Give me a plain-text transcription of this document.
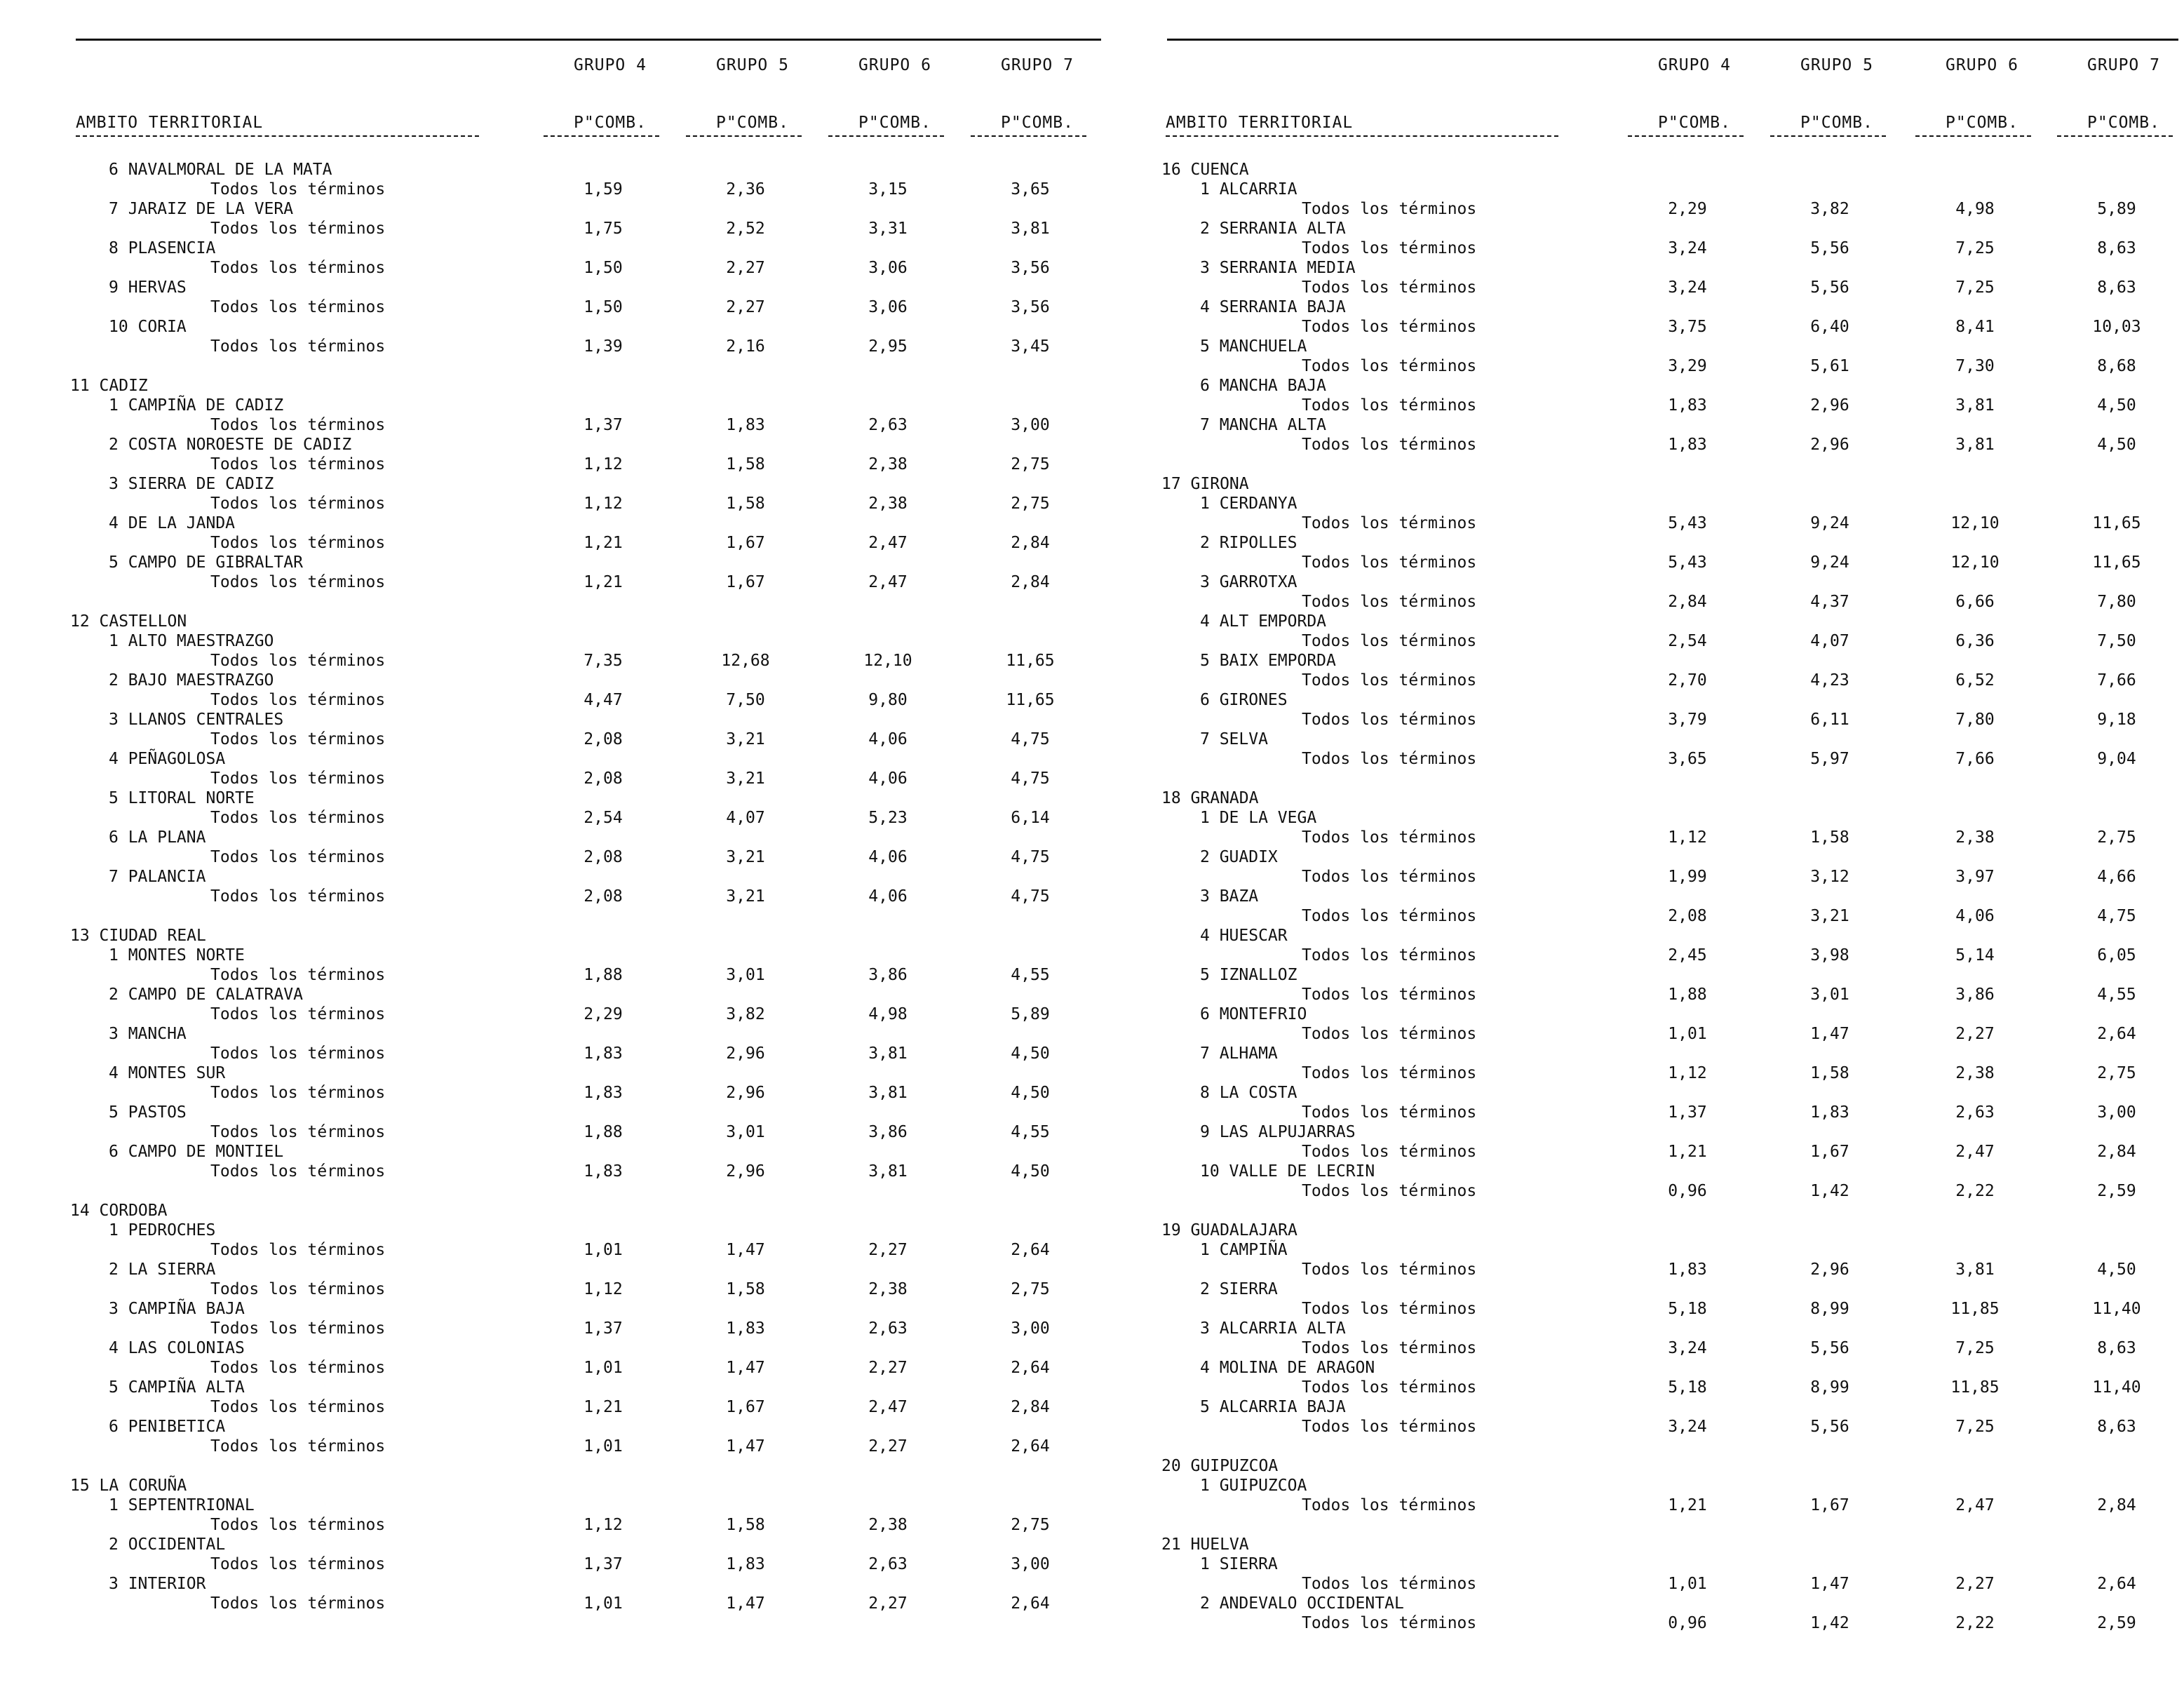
GRUPO 4	GRUPO 5	GRUPO 6	GRUPO 7
AMBITO TERRITORIAL	P"COMB.	P"COMB.	P"COMB.	P"COMB.
6 NAVALMORAL DE LA MATA
Todos los términos	1,59	2,36	3,15	3,65
7 JARAIZ DE LA VERA
Todos los términos	1,75	2,52	3,31	3,81
8 PLASENCIA
Todos los términos	1,50	2,27	3,06	3,56
9 HERVAS
Todos los términos	1,50	2,27	3,06	3,56
10 CORIA
Todos los términos	1,39	2,16	2,95	3,45
11 CADIZ
1 CAMPIÑA DE CADIZ
Todos los términos	1,37	1,83	2,63	3,00
2 COSTA NOROESTE DE CADIZ
Todos los términos	1,12	1,58	2,38	2,75
3 SIERRA DE CADIZ
Todos los términos	1,12	1,58	2,38	2,75
4 DE LA JANDA
Todos los términos	1,21	1,67	2,47	2,84
5 CAMPO DE GIBRALTAR
Todos los términos	1,21	1,67	2,47	2,84
12 CASTELLON
1 ALTO MAESTRAZGO
Todos los términos	7,35	12,68	12,10	11,65
2 BAJO MAESTRAZGO
Todos los términos	4,47	7,50	9,80	11,65
3 LLANOS CENTRALES
Todos los términos	2,08	3,21	4,06	4,75
4 PEÑAGOLOSA
Todos los términos	2,08	3,21	4,06	4,75
5 LITORAL NORTE
Todos los términos	2,54	4,07	5,23	6,14
6 LA PLANA
Todos los términos	2,08	3,21	4,06	4,75
7 PALANCIA
Todos los términos	2,08	3,21	4,06	4,75
13 CIUDAD REAL
1 MONTES NORTE
Todos los términos	1,88	3,01	3,86	4,55
2 CAMPO DE CALATRAVA
Todos los términos	2,29	3,82	4,98	5,89
3 MANCHA
Todos los términos	1,83	2,96	3,81	4,50
4 MONTES SUR
Todos los términos	1,83	2,96	3,81	4,50
5 PASTOS
Todos los términos	1,88	3,01	3,86	4,55
6 CAMPO DE MONTIEL
Todos los términos	1,83	2,96	3,81	4,50
14 CORDOBA
1 PEDROCHES
Todos los términos	1,01	1,47	2,27	2,64
2 LA SIERRA
Todos los términos	1,12	1,58	2,38	2,75
3 CAMPIÑA BAJA
Todos los términos	1,37	1,83	2,63	3,00
4 LAS COLONIAS
Todos los términos	1,01	1,47	2,27	2,64
5 CAMPIÑA ALTA
Todos los términos	1,21	1,67	2,47	2,84
6 PENIBETICA
Todos los términos	1,01	1,47	2,27	2,64
15 LA CORUÑA
1 SEPTENTRIONAL
Todos los términos	1,12	1,58	2,38	2,75
2 OCCIDENTAL
Todos los términos	1,37	1,83	2,63	3,00
3 INTERIOR
Todos los términos	1,01	1,47	2,27	2,64
GRUPO 4	GRUPO 5	GRUPO 6	GRUPO 7
AMBITO TERRITORIAL	P"COMB.	P"COMB.	P"COMB.	P"COMB.
16 CUENCA
1 ALCARRIA
Todos los términos	2,29	3,82	4,98	5,89
2 SERRANIA ALTA
Todos los términos	3,24	5,56	7,25	8,63
3 SERRANIA MEDIA
Todos los términos	3,24	5,56	7,25	8,63
4 SERRANIA BAJA
Todos los términos	3,75	6,40	8,41	10,03
5 MANCHUELA
Todos los términos	3,29	5,61	7,30	8,68
6 MANCHA BAJA
Todos los términos	1,83	2,96	3,81	4,50
7 MANCHA ALTA
Todos los términos	1,83	2,96	3,81	4,50
17 GIRONA
1 CERDANYA
Todos los términos	5,43	9,24	12,10	11,65
2 RIPOLLES
Todos los términos	5,43	9,24	12,10	11,65
3 GARROTXA
Todos los términos	2,84	4,37	6,66	7,80
4 ALT EMPORDA
Todos los términos	2,54	4,07	6,36	7,50
5 BAIX EMPORDA
Todos los términos	2,70	4,23	6,52	7,66
6 GIRONES
Todos los términos	3,79	6,11	7,80	9,18
7 SELVA
Todos los términos	3,65	5,97	7,66	9,04
18 GRANADA
1 DE LA VEGA
Todos los términos	1,12	1,58	2,38	2,75
2 GUADIX
Todos los términos	1,99	3,12	3,97	4,66
3 BAZA
Todos los términos	2,08	3,21	4,06	4,75
4 HUESCAR
Todos los términos	2,45	3,98	5,14	6,05
5 IZNALLOZ
Todos los términos	1,88	3,01	3,86	4,55
6 MONTEFRIO
Todos los términos	1,01	1,47	2,27	2,64
7 ALHAMA
Todos los términos	1,12	1,58	2,38	2,75
8 LA COSTA
Todos los términos	1,37	1,83	2,63	3,00
9 LAS ALPUJARRAS
Todos los términos	1,21	1,67	2,47	2,84
10 VALLE DE LECRIN
Todos los términos	0,96	1,42	2,22	2,59
19 GUADALAJARA
1 CAMPIÑA
Todos los términos	1,83	2,96	3,81	4,50
2 SIERRA
Todos los términos	5,18	8,99	11,85	11,40
3 ALCARRIA ALTA
Todos los términos	3,24	5,56	7,25	8,63
4 MOLINA DE ARAGON
Todos los términos	5,18	8,99	11,85	11,40
5 ALCARRIA BAJA
Todos los términos	3,24	5,56	7,25	8,63
20 GUIPUZCOA
1 GUIPUZCOA
Todos los términos	1,21	1,67	2,47	2,84
21 HUELVA
1 SIERRA
Todos los términos	1,01	1,47	2,27	2,64
2 ANDEVALO OCCIDENTAL
Todos los términos	0,96	1,42	2,22	2,59
